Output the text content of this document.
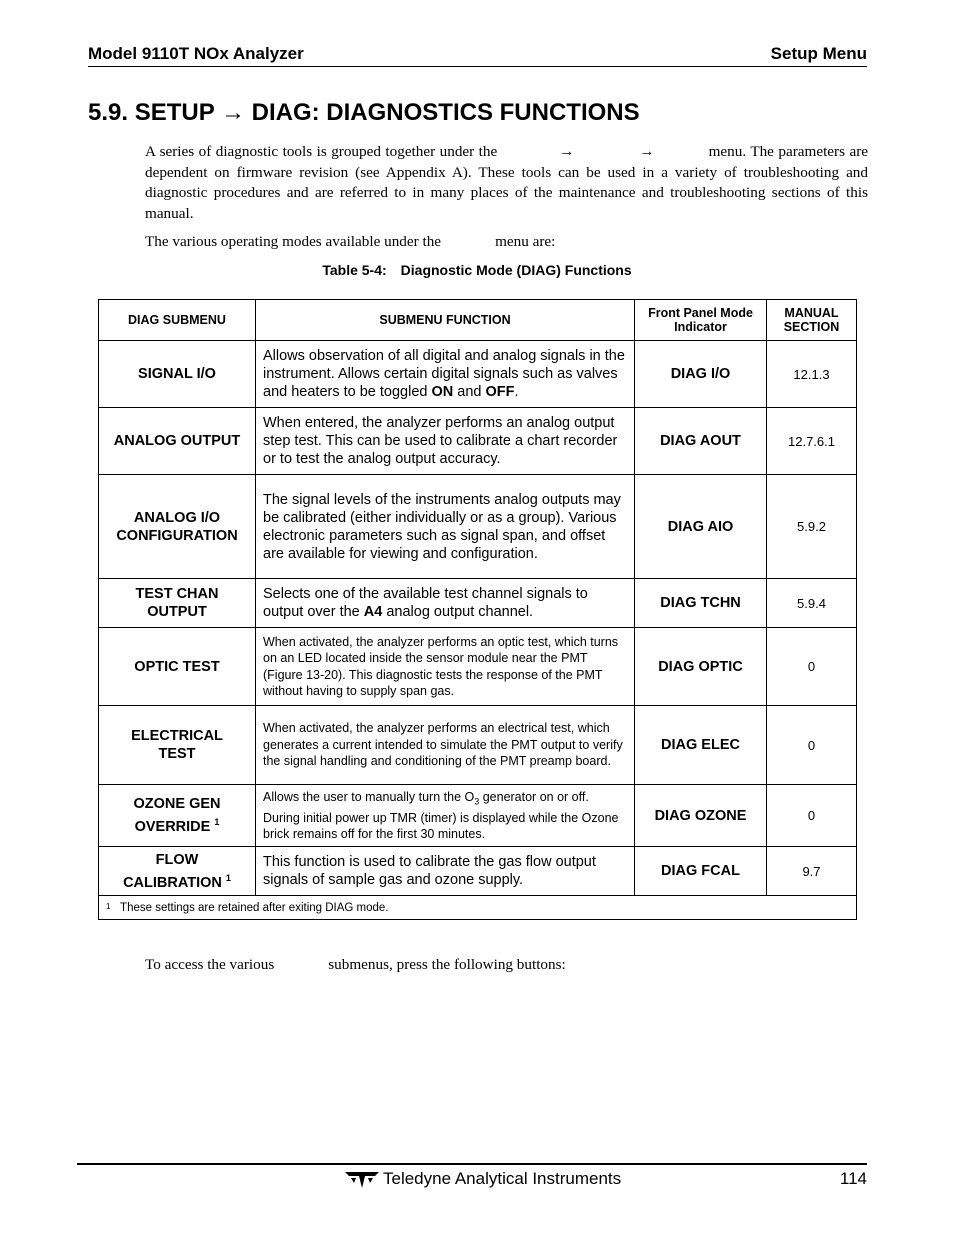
Model 9110T NOx Analyzer	Setup Menu
5.9. SETUP → DIAG: DIAGNOSTICS FUNCTIONS
A series of diagnostic tools is grouped together under the	→	→	menu. The parameters are dependent on firmware revision (see Appendix A). These tools can be used in a variety of troubleshooting and diagnostic procedures and are referred to in many places of the maintenance and troubleshooting sections of this manual.
The various operating modes available under the	menu are:
Table 5-4: Diagnostic Mode (DIAG) Functions
DIAG SUBMENU	SUBMENU FUNCTION	Front Panel Mode Indicator	MANUAL SECTION
SIGNAL I/O	Allows observation of all digital and analog signals in the instrument. Allows certain digital signals such as valves and heaters to be toggled ON and OFF.	DIAG I/O	12.1.3
ANALOG OUTPUT	When entered, the analyzer performs an analog output step test. This can be used to calibrate a chart recorder or to test the analog output accuracy.	DIAG AOUT	12.7.6.1
ANALOG I/O
CONFIGURATION	The signal levels of the instruments analog outputs may be calibrated (either individually or as a group). Various electronic parameters such as signal span, and offset are available for viewing and configuration.	DIAG AIO	5.9.2
TEST CHAN
OUTPUT	Selects one of the available test channel signals to output over the A4 analog output channel.	DIAG TCHN	5.9.4
OPTIC TEST	When activated, the analyzer performs an optic test, which turns on an LED located inside the sensor module near the PMT (Figure 13-20). This diagnostic tests the response of the PMT without having to supply span gas.	DIAG OPTIC	0
ELECTRICAL
TEST	When activated, the analyzer performs an electrical test, which generates a current intended to simulate the PMT output to verify the signal handling and conditioning of the PMT preamp board.	DIAG ELEC	0
OZONE GEN
OVERRIDE $^1$	Allows the user to manually turn the $O_3$ generator on or off. During initial power up TMR (timer) is displayed while the Ozone brick remains off for the first 30 minutes.	DIAG OZONE	0
FLOW
CALIBRATION $^1$	This function is used to calibrate the gas flow output signals of sample gas and ozone supply.	DIAG FCAL	9.7
$^1$ These settings are retained after exiting DIAG mode.			
To access the various	submenus, press the following buttons:
Teledyne Analytical Instruments	114
